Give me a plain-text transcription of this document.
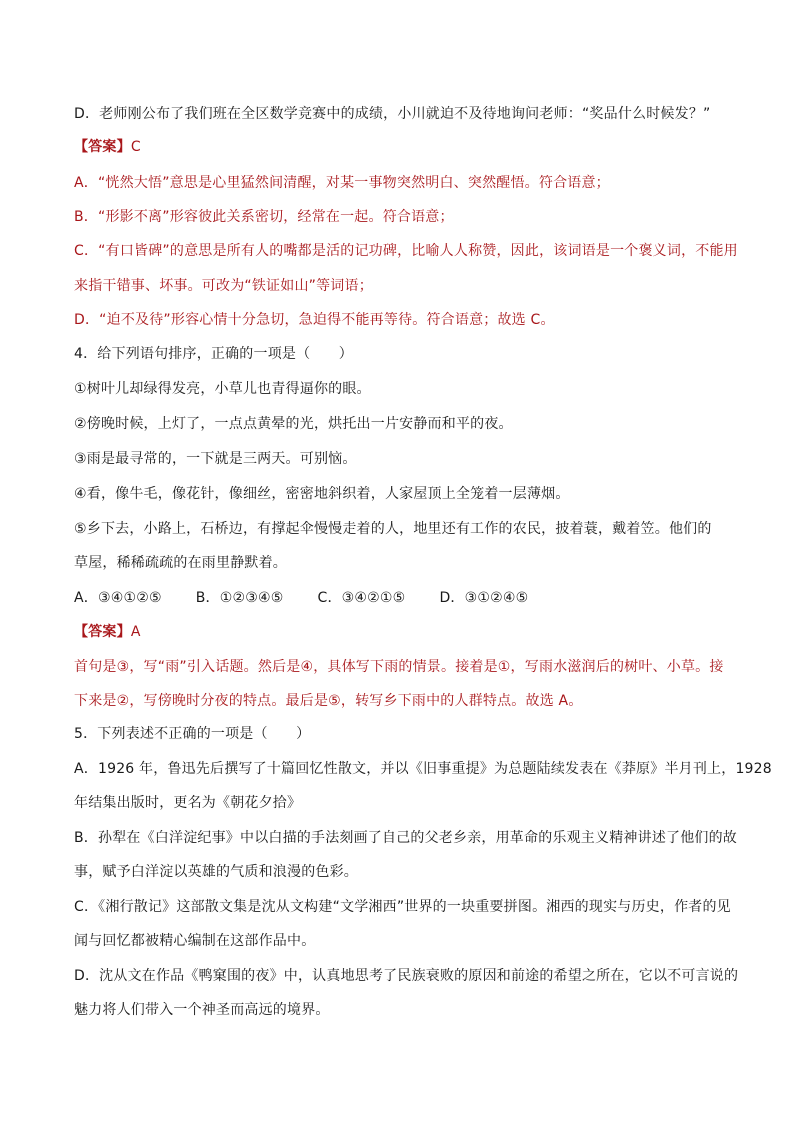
D．老师刚公布了我们班在全区数学竞赛中的成绩，小川就迫不及待地询问老师：“奖品什么时候发？”
【答案】C
A．“恍然大悟”意思是心里猛然间清醒，对某一事物突然明白、突然醒悟。符合语意；
B．“形影不离”形容彼此关系密切，经常在一起。符合语意；
C．“有口皆碑”的意思是所有人的嘴都是活的记功碑，比喻人人称赞，因此，该词语是一个褒义词，不能用
来指干错事、坏事。可改为“铁证如山”等词语；
D．“迫不及待”形容心情十分急切，急迫得不能再等待。符合语意；故选 C。
4．给下列语句排序，正确的一项是（　　）
①树叶儿却绿得发亮，小草儿也青得逼你的眼。
②傍晚时候，上灯了，一点点黄晕的光，烘托出一片安静而和平的夜。
③雨是最寻常的，一下就是三两天。可别恼。
④看，像牛毛，像花针，像细丝，密密地斜织着，人家屋顶上全笼着一层薄烟。
⑤乡下去，小路上，石桥边，有撑起伞慢慢走着的人，地里还有工作的农民，披着蓑，戴着笠。他们的
草屋，稀稀疏疏的在雨里静默着。
A．③④①②⑤ B．①②③④⑤ C．③④②①⑤ D．③①②④⑤
【答案】A
首句是③，写“雨”引入话题。然后是④，具体写下雨的情景。接着是①，写雨水滋润后的树叶、小草。接
下来是②，写傍晚时分夜的特点。最后是⑤，转写乡下雨中的人群特点。故选 A。
5．下列表述不正确的一项是（　　）
A．1926 年，鲁迅先后撰写了十篇回忆性散文，并以《旧事重提》为总题陆续发表在《莽原》半月刊上，1928
年结集出版时，更名为《朝花夕拾》
B．孙犁在《白洋淀纪事》中以白描的手法刻画了自己的父老乡亲，用革命的乐观主义精神讲述了他们的故
事，赋予白洋淀以英雄的气质和浪漫的色彩。
C．《湘行散记》这部散文集是沈从文构建“文学湘西”世界的一块重要拼图。湘西的现实与历史，作者的见
闻与回忆都被精心编制在这部作品中。
D．沈从文在作品《鸭窠围的夜》中，认真地思考了民族衰败的原因和前途的希望之所在，它以不可言说的
魅力将人们带入一个神圣而高远的境界。
